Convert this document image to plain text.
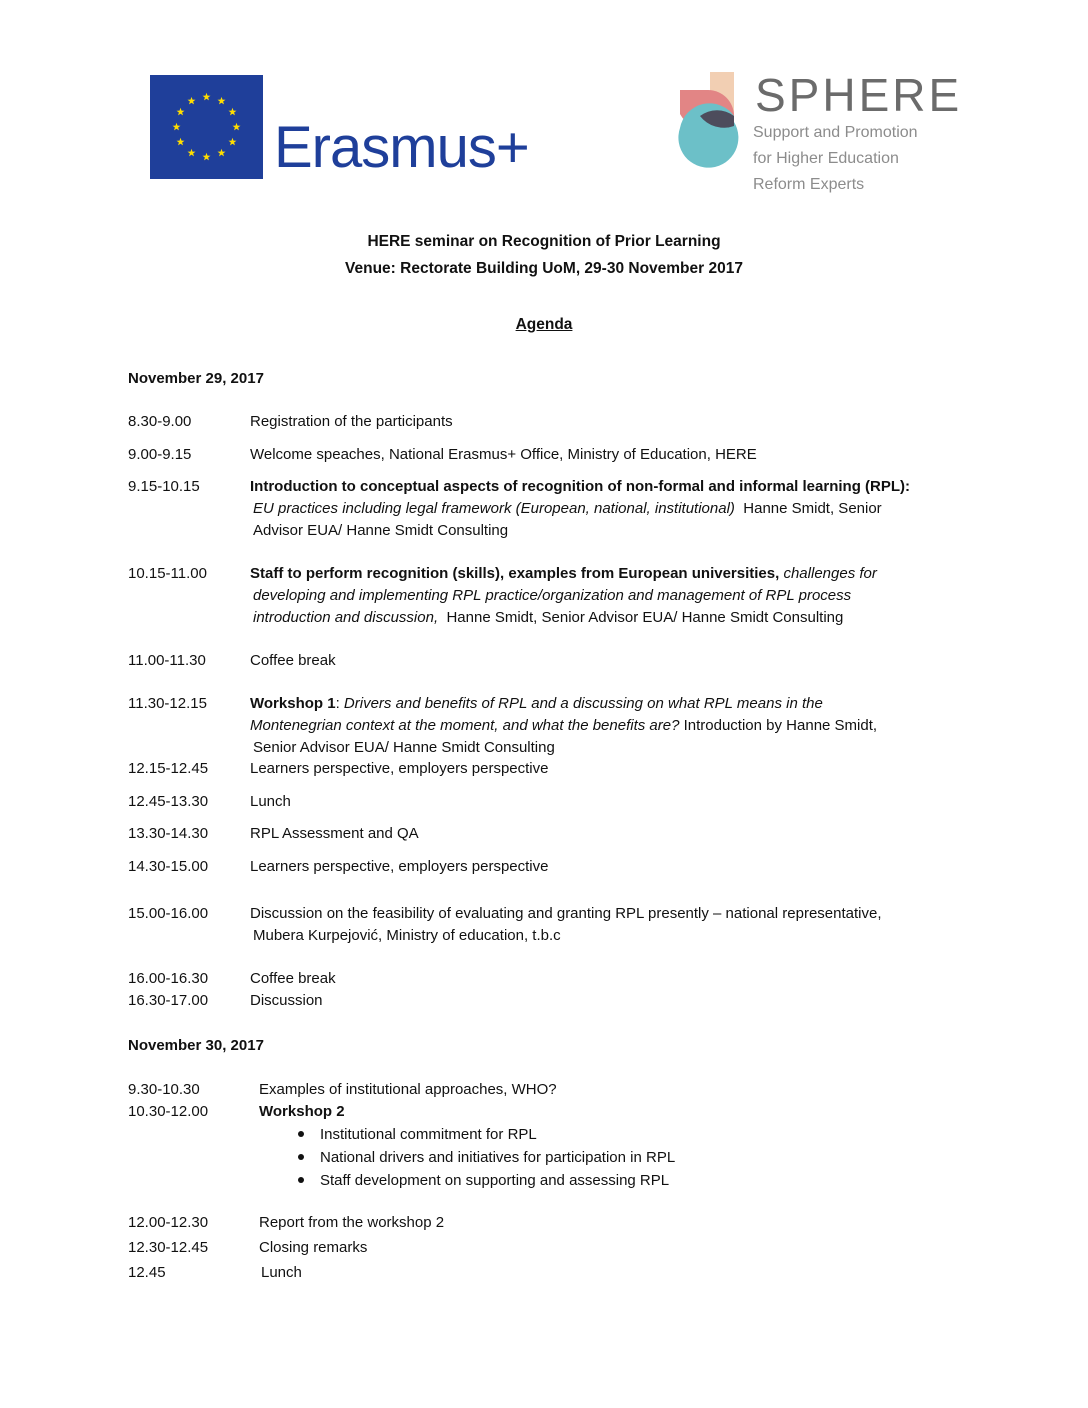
Erasmus+
SPHERE
Support and Promotion
for Higher Education
Reform Experts
HERE seminar on Recognition of Prior Learning
Venue: Rectorate Building UoM, 29-30 November 2017
Agenda
November 29, 2017
8.30-9.00	Registration of the participants
9.00-9.15	Welcome speaches, National Erasmus+ Office, Ministry of Education, HERE
9.15-10.15	Introduction to conceptual aspects of recognition of non-formal and informal learning (RPL):
EU practices including legal framework (European, national, institutional) Hanne Smidt, Senior
Advisor EUA/ Hanne Smidt Consulting
10.15-11.00	Staff to perform recognition (skills), examples from European universities, challenges for
developing and implementing RPL practice/organization and management of RPL process
introduction and discussion, Hanne Smidt, Senior Advisor EUA/ Hanne Smidt Consulting
11.00-11.30	Coffee break
11.30-12.15	Workshop 1: Drivers and benefits of RPL and a discussing on what RPL means in the
Montenegrian context at the moment, and what the benefits are? Introduction by Hanne Smidt,
Senior Advisor EUA/ Hanne Smidt Consulting
12.15-12.45	Learners perspective, employers perspective
12.45-13.30	Lunch
13.30-14.30	RPL Assessment and QA
14.30-15.00	Learners perspective, employers perspective
15.00-16.00	Discussion on the feasibility of evaluating and granting RPL presently – national representative,
Mubera Kurpejović, Ministry of education, t.b.c
16.00-16.30	Coffee break
16.30-17.00	Discussion
November 30, 2017
9.30-10.30	Examples of institutional approaches, WHO?
10.30-12.00	Workshop 2
Institutional commitment for RPL
National drivers and initiatives for participation in RPL
Staff development on supporting and assessing RPL
12.00-12.30	Report from the workshop 2
12.30-12.45	Closing remarks
12.45	Lunch
